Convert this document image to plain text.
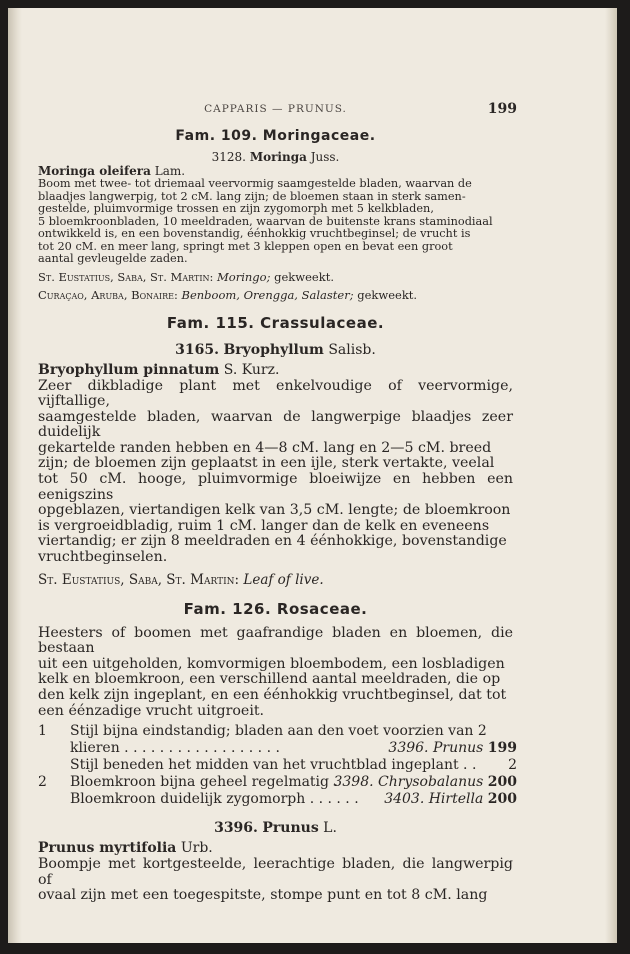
CAPPARIS — PRUNUS.	199
Fam. 109. Moringaceae.
3128. Moringa Juss.
Moringa oleifera Lam.

Boom met twee- tot driemaal veervormig saamgestelde bladen, waarvan de

blaadjes langwerpig, tot 2 cM. lang zijn; de bloemen staan in sterk samen-

gestelde, pluimvormige trossen en zijn zygomorph met 5 kelkbladen,

5 bloemkroonbladen, 10 meeldraden, waarvan de buitenste krans staminodiaal

ontwikkeld is, en een bovenstandig, éénhokkig vruchtbeginsel; de vrucht is

tot 20 cM. en meer lang, springt met 3 kleppen open en bevat een groot

aantal gevleugelde zaden.

St. Eustatius, Saba, St. Martin: Moringo; gekweekt.
Curaçao, Aruba, Bonaire: Benboom, Orengga, Salaster; gekweekt.
Fam. 115. Crassulaceae.
3165. Bryophyllum Salisb.
Bryophyllum pinnatum S. Kurz.

Zeer dikbladige plant met enkelvoudige of veervormige, vijftallige,

saamgestelde bladen, waarvan de langwerpige blaadjes zeer duidelijk

gekartelde randen hebben en 4—8 cM. lang en 2—5 cM. breed

zijn; de bloemen zijn geplaatst in een ijle, sterk vertakte, veelal

tot 50 cM. hooge, pluimvormige bloeiwijze en hebben een eenigszins

opgeblazen, viertandigen kelk van 3,5 cM. lengte; de bloemkroon

is vergroeidbladig, ruim 1 cM. langer dan de kelk en eveneens

viertandig; er zijn 8 meeldraden en 4 éénhokkige, bovenstandige

vruchtbeginselen.

St. Eustatius, Saba, St. Martin: Leaf of live.
Fam. 126. Rosaceae.

Heesters of boomen met gaafrandige bladen en bloemen, die bestaan

uit een uitgeholden, komvormigen bloembodem, een losbladigen

kelk en bloemkroon, een verschillend aantal meeldraden, die op

den kelk zijn ingeplant, en een éénhokkig vruchtbeginsel, dat tot

een éénzadige vrucht uitgroeit.

1 Stijl bijna eindstandig; bladen aan den voet voorzien van 2
klieren . . . . . . . . . . . . . . . . . .	3396. Prunus 199
Stijl beneden het midden van het vruchtblad ingeplant . . 2
2 Bloemkroon bijna geheel regelmatig .
3398. Chrysobalanus 200
Bloemkroon duidelijk zygomorph . . . . . . 3403. Hirtella 200
3396. Prunus L.
Prunus myrtifolia Urb.

Boompje met kortgesteelde, leerachtige bladen, die langwerpig of

ovaal zijn met een toegespitste, stompe punt en tot 8 cM. lang
